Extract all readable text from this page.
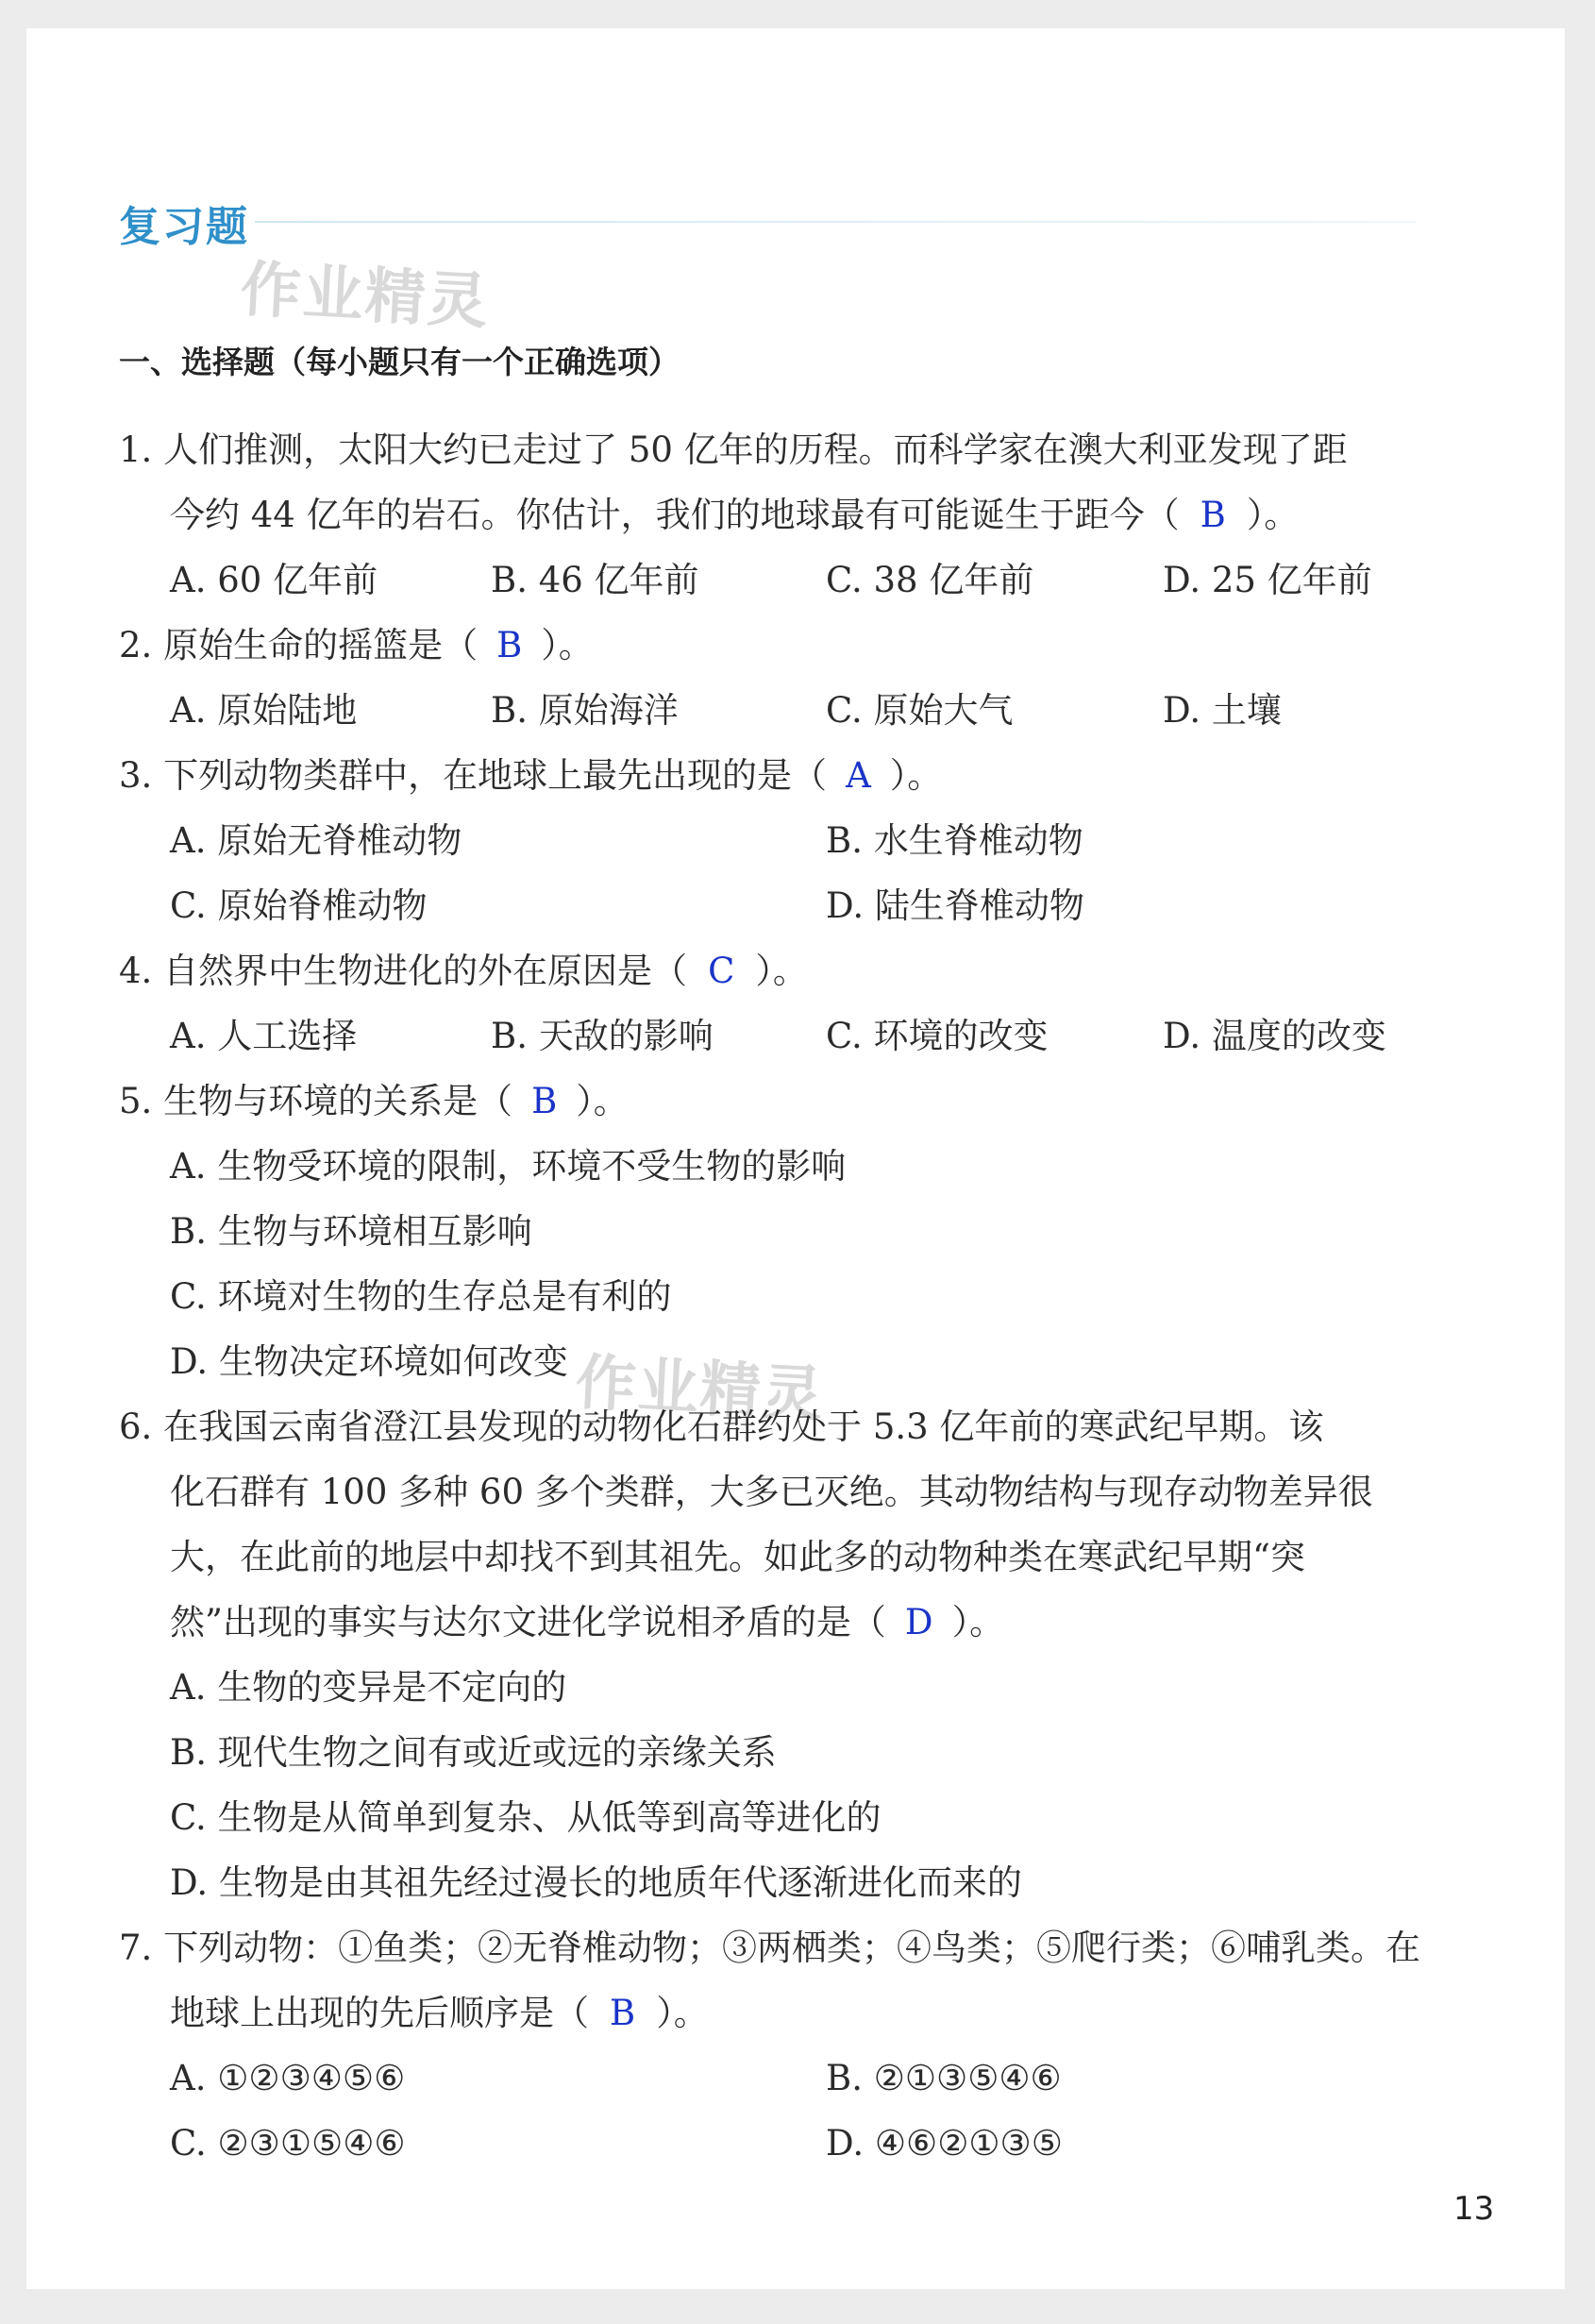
复习题
作业精灵
作业精灵
一、选择题（每小题只有一个正确选项）
1. 人们推测，太阳大约已走过了 50 亿年的历程。而科学家在澳大利亚发现了距
今约 44 亿年的岩石。你估计，我们的地球最有可能诞生于距今（ B ）。
A. 60 亿年前	B. 46 亿年前	C. 38 亿年前	D. 25 亿年前
2. 原始生命的摇篮是（ B ）。
A. 原始陆地	B. 原始海洋	C. 原始大气	D. 土壤
3. 下列动物类群中，在地球上最先出现的是（ A ）。
A. 原始无脊椎动物	B. 水生脊椎动物
C. 原始脊椎动物	D. 陆生脊椎动物
4. 自然界中生物进化的外在原因是（ C ）。
A. 人工选择	B. 天敌的影响	C. 环境的改变	D. 温度的改变
5. 生物与环境的关系是（ B ）。
A. 生物受环境的限制，环境不受生物的影响
B. 生物与环境相互影响
C. 环境对生物的生存总是有利的
D. 生物决定环境如何改变
6. 在我国云南省澄江县发现的动物化石群约处于 5.3 亿年前的寒武纪早期。该
化石群有 100 多种 60 多个类群，大多已灭绝。其动物结构与现存动物差异很
大，在此前的地层中却找不到其祖先。如此多的动物种类在寒武纪早期“突
然”出现的事实与达尔文进化学说相矛盾的是（ D ）。
A. 生物的变异是不定向的
B. 现代生物之间有或近或远的亲缘关系
C. 生物是从简单到复杂、从低等到高等进化的
D. 生物是由其祖先经过漫长的地质年代逐渐进化而来的
7. 下列动物：①鱼类；②无脊椎动物；③两栖类；④鸟类；⑤爬行类；⑥哺乳类。在
地球上出现的先后顺序是（ B ）。
A. ①②③④⑤⑥	B. ②①③⑤④⑥
C. ②③①⑤④⑥	D. ④⑥②①③⑤
13
